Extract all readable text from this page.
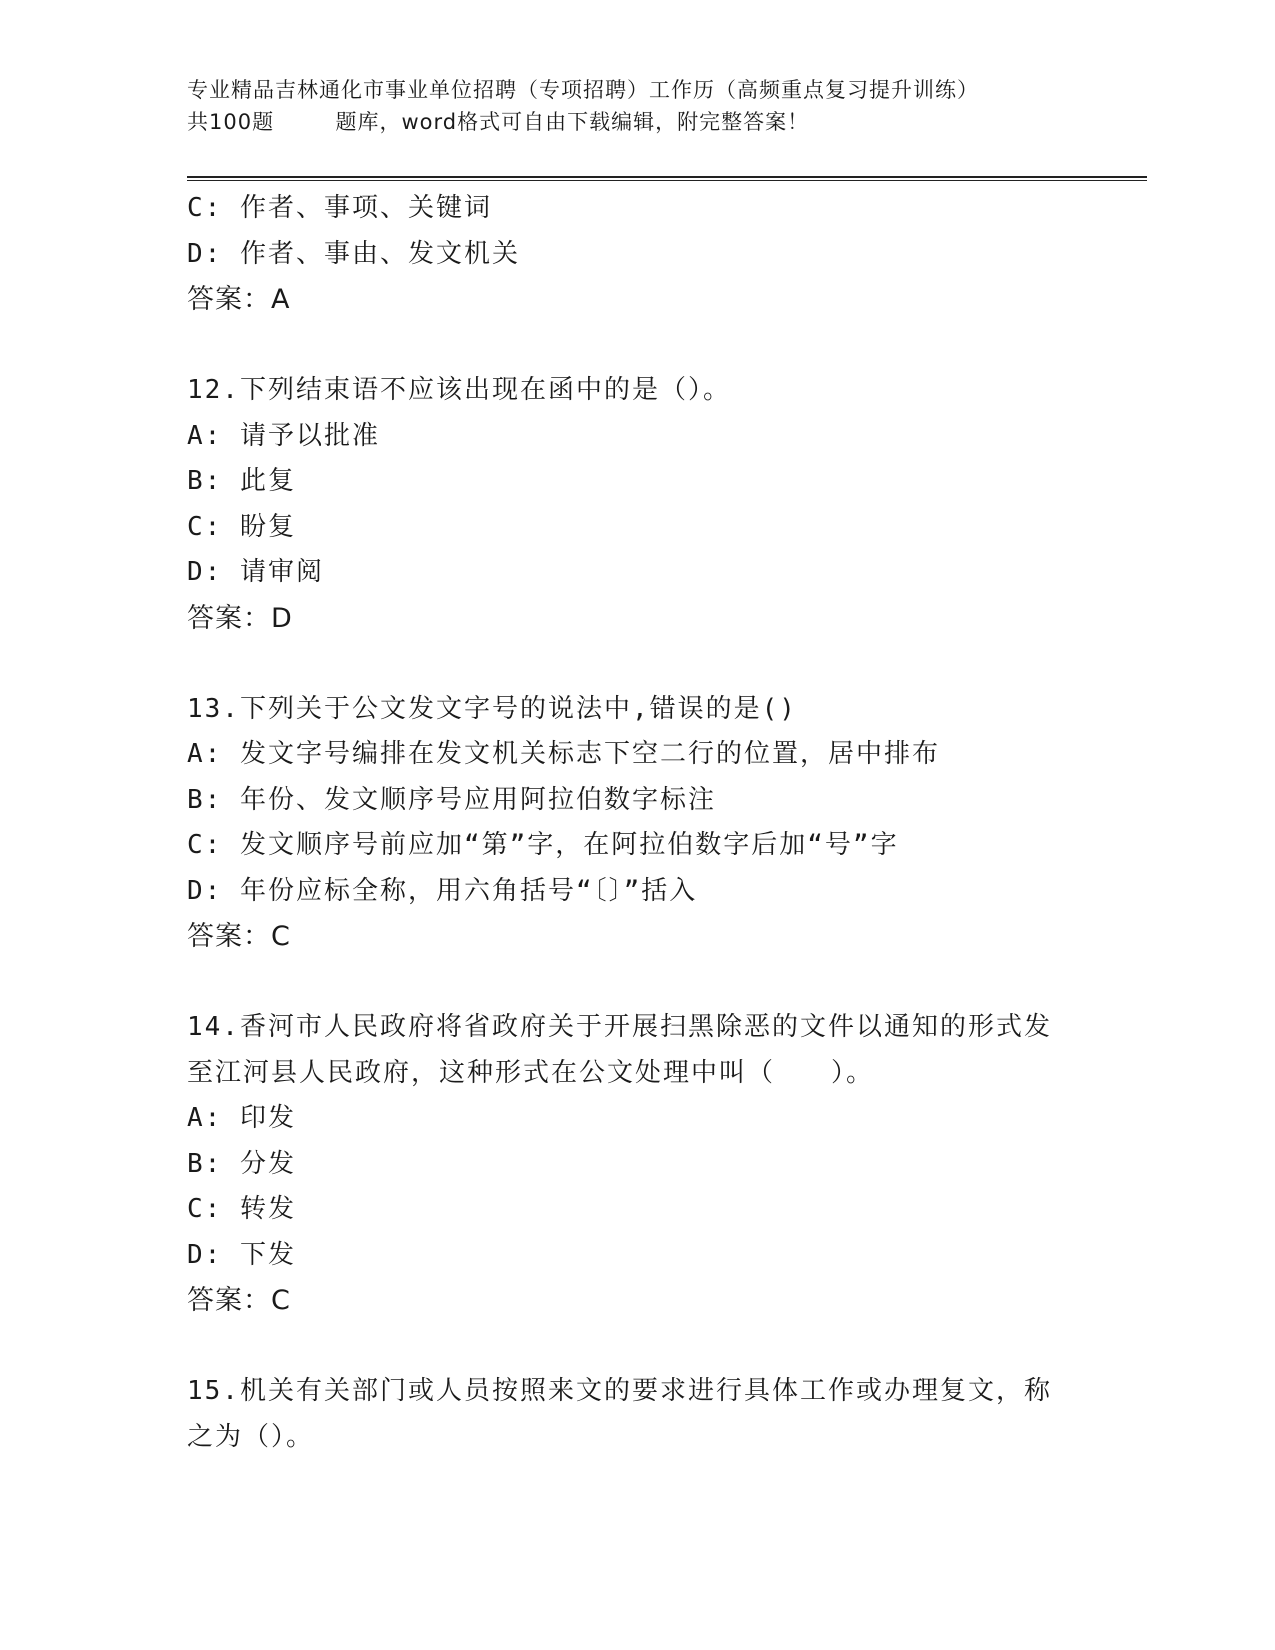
专业精品吉林通化市事业单位招聘（专项招聘）工作历（高频重点复习提升训练）
共100题        题库，word格式可自由下载编辑，附完整答案！
C: 作者、事项、关键词
D: 作者、事由、发文机关
答案：A
12.下列结束语不应该出现在函中的是（）。
A: 请予以批准
B: 此复
C: 盼复
D: 请审阅
答案：D
13.下列关于公文发文字号的说法中,错误的是()
A: 发文字号编排在发文机关标志下空二行的位置，居中排布
B: 年份、发文顺序号应用阿拉伯数字标注
C: 发文顺序号前应加“第”字，在阿拉伯数字后加“号”字
D: 年份应标全称，用六角括号“〔〕”括入
答案：C
14.香河市人民政府将省政府关于开展扫黑除恶的文件以通知的形式发
至江河县人民政府，这种形式在公文处理中叫（　　）。
A: 印发
B: 分发
C: 转发
D: 下发
答案：C
15.机关有关部门或人员按照来文的要求进行具体工作或办理复文，称
之为（）。
